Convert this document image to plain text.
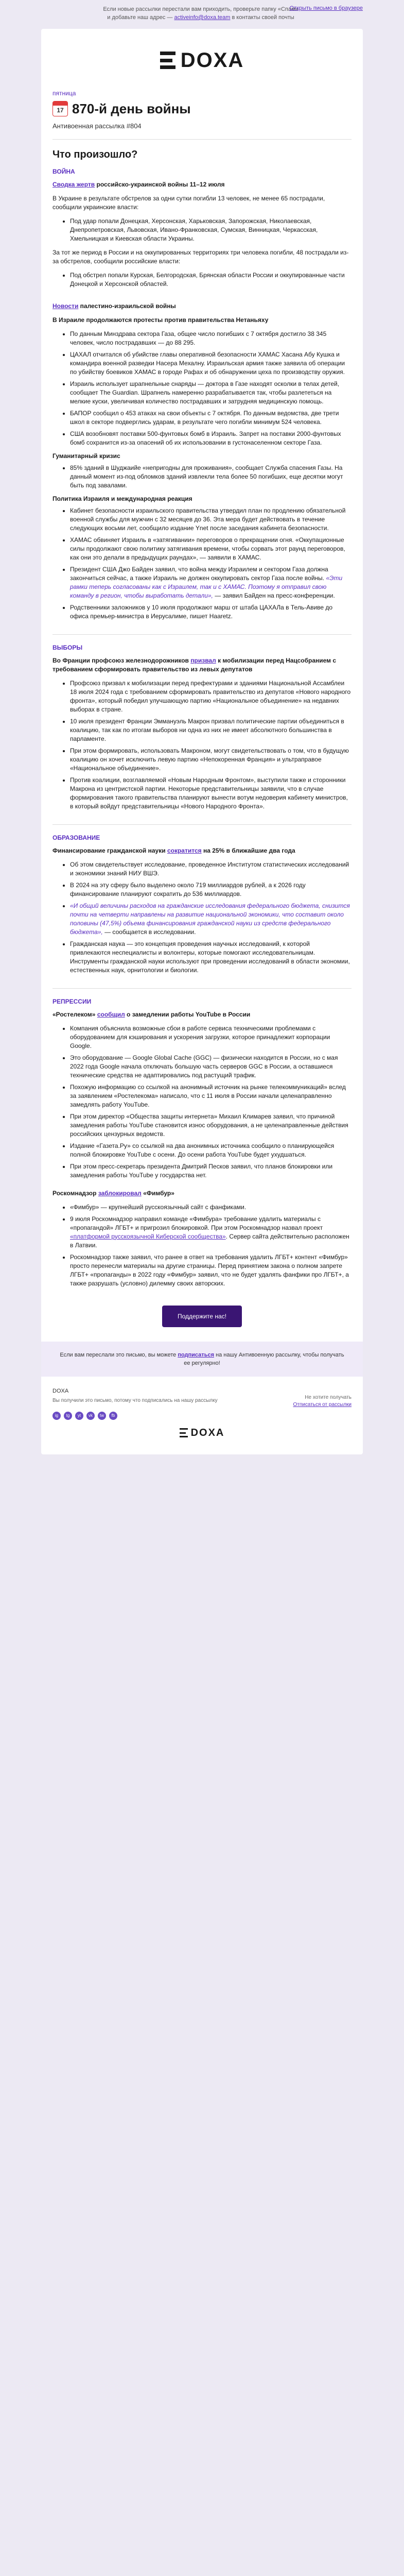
Если новые рассылки перестали вам приходить, проверьте папку «Спам»
и добавьте наш адрес — activeinfo@doxa.team в контакты своей почты
Открыть письмо в браузере
DOXA
пятница
17 870-й день войны
Антивоенная рассылка #804
Что произошло?
ВОЙНА

Сводка жертв российско-украинской войны 11–12 июля

В Украине в результате обстрелов за одни сутки погибли 13 человек, не менее 65 пострадали, сообщили украинские власти:

• Под удар попали Донецкая, Херсонская, Харьковская, Запорожская, Николаевская, Днепропетровская, Львовская, Ивано-Франковская, Сумская, Винницкая, Черкасская, Хмельницкая и Киевская области Украины.

За тот же период в России и на оккупированных территориях три человека погибли, 48 пострадали из-за обстрелов, сообщили российские власти:

• Под обстрел попали Курская, Белгородская, Брянская области России и оккупированные части Донецкой и Херсонской областей.

Новости палестино-израильской войны

В Израиле продолжаются протесты против правительства Нетаньяху

• По данным Минздрава сектора Газа, общее число погибших с 7 октября достигло 38 345 человек, число пострадавших — до 88 295.
• ЦАХАЛ отчитался об убийстве главы оперативной безопасности ХАМАС Хасана Абу Кушка и командира военной разведки Насера Мехалну. Израильская армия также заявила об операции по убийству боевиков ХАМАС в городе Рафах и об обнаружении цеха по производству оружия.
• Израиль использует шрапнельные снаряды — доктора в Газе находят осколки в телах детей, сообщает The Guardian. Шрапнель намеренно разрабатывается так, чтобы разлететься на мелкие куски, увеличивая количество пострадавших и затрудняя медицинскую помощь.
• БАПОР сообщил о 453 атаках на свои объекты с 7 октября. По данным ведомства, две трети школ в секторе подверглись ударам, в результате чего погибли минимум 524 человека.
• США возобновят поставки 500-фунтовых бомб в Израиль. Запрет на поставки 2000-фунтовых бомб сохранится из-за опасений об их использовании в густонаселенном секторе Газа.
Гуманитарный кризис
• 85% зданий в Шуджаийе «непригодны для проживания», сообщает Служба спасения Газы. На данный момент из-под обломков зданий извлекли тела более 50 погибших, еще десятки могут быть под завалами.
Политика Израиля и международная реакция
• Кабинет безопасности израильского правительства утвердил план по продлению обязательной военной службы для мужчин с 32 месяцев до 36. Эта мера будет действовать в течение следующих восьми лет, сообщило издание Ynet после заседания кабинета безопасности.
• ХАМАС обвиняет Израиль в «затягивании» переговоров о прекращении огня. «Оккупационные силы продолжают свою политику затягивания времени, чтобы сорвать этот раунд переговоров, как они это делали в предыдущих раундах», — заявили в ХАМАС.
• Президент США Джо Байден заявил, что война между Израилем и сектором Газа должна закончиться сейчас, а также Израиль не должен оккупировать сектор Газа после войны. «Эти рамки теперь согласованы как с Израилем, так и с ХАМАС. Поэтому я отправил свою команду в регион, чтобы выработать детали», — заявил Байден на пресс-конференции.
• Родственники заложников у 10 июля продолжают марш от штаба ЦАХАЛа в Тель-Авиве до офиса премьер-министра в Иерусалиме, пишет Haaretz.
ВЫБОРЫ

Во Франции профсоюз железнодорожников призвал к мобилизации перед Нацсобранием с требованием сформировать правительство из левых депутатов

• Профсоюз призвал к мобилизации перед префектурами и зданиями Национальной Ассамблеи 18 июля 2024 года с требованием сформировать правительство из депутатов «Нового народного фронта», который победил улучшающую партию «Национальное объединение» на недавних выборах в стране.
• 10 июля президент Франции Эммануэль Макрон призвал политические партии объединиться в коалицию, так как по итогам выборов ни одна из них не имеет абсолютного большинства в парламенте.
• При этом формировать, использовать Макроном, могут свидетельствовать о том, что в будущую коалицию он хочет исключить левую партию «Непокоренная Франция» и ультраправое «Национальное объединение».
• Против коалиции, возглавляемой «Новым Народным Фронтом», выступили также и сторонники Макрона из центристской партии. Некоторые представительницы заявили, что в случае формирования такого правительства планируют вынести вотум недоверия кабинету министров, в который войдут представительницы «Нового Народного Фронта».
ОБРАЗОВАНИЕ

Финансирование гражданской науки сократится на 25% в ближайшие два года

• Об этом свидетельствует исследование, проведенное Институтом статистических исследований и экономики знаний НИУ ВШЭ.
• В 2024 на эту сферу было выделено около 719 миллиардов рублей, а к 2026 году финансирование планируют сократить до 536 миллиардов.
• «И общий величины расходов на гражданские исследования федерального бюджета, снизится почти на четверти направлены на развитие национальной экономики, что составит около половины (47,5%) объема финансирования гражданской науки из средств федерального бюджета», — сообщается в исследовании.
• Гражданская наука — это концепция проведения научных исследований, к которой привлекаются неспециалисты и волонтеры, которые помогают исследовательницам. Инструменты гражданской науки используют при проведении исследований в области экономии, естественных наук, орнитологии и биологии.
РЕПРЕССИИ

«Ростелеком» сообщил о замедлении работы YouTube в России

• Компания объяснила возможные сбои в работе сервиса техническими проблемами с оборудованием для кэширования и ускорения загрузки, которое принадлежит корпорации Google.
• Это оборудование — Google Global Cache (GGC) — физически находится в России, но с мая 2022 года Google начала отключать большую часть серверов GGC в России, а оставшиеся технические средства не адаптировались под растущий трафик.
• Похожую информацию со ссылкой на анонимный источник на рынке телекоммуникаций» вслед за заявлением «Ростелекома» написало, что с 11 июля в России начали целенаправленно замедлять работу YouTube.
• При этом директор «Общества защиты интернета» Михаил Климарев заявил, что причиной замедления работы YouTube становится износ оборудования, а не целенаправленные действия российских цензурных ведомств.
• Издание «Газета.Ру» со ссылкой на два анонимных источника сообщило о планирующейся полной блокировке YouTube с осени. До осени работа YouTube будет ухудшаться.
• При этом пресс-секретарь президента Дмитрий Песков заявил, что планов блокировки или замедления работы YouTube у государства нет.

Роскомнадзор заблокировал «Фимбур»

• «Фимбур» — крупнейший русскоязычный сайт с фанфиками.
• 9 июля Роскомнадзор направил команде «Фимбура» требование удалить материалы с «пропагандой» ЛГБТ+ и пригрозил блокировкой. При этом Роскомнадзор назвал проект «платформой русскоязычной Киберской сообщества». Сервер сайта действительно расположен в Латвии.
• Роскомнадзор также заявил, что ранее в ответ на требования удалить ЛГБТ+ контент «Фимбур» просто перенесли материалы на другие страницы. Перед принятием закона о полном запрете ЛГБТ+ «пропаганды» в 2022 году «Фимбур» заявил, что не будет удалять фанфики про ЛГБТ+, а также разрушать (условно) дилемму своих авторских.
Поддержите нас!
Если вам переслали это письмо, вы можете подписаться на нашу Антивоенную рассылку, чтобы получать ее регулярно!
DOXA
Вы получили это письмо, потому что подписались на нашу рассылку
Не хотите получать
Отписаться от рассылки
ig	tg	yt	vk	tw	fb
DOXA
